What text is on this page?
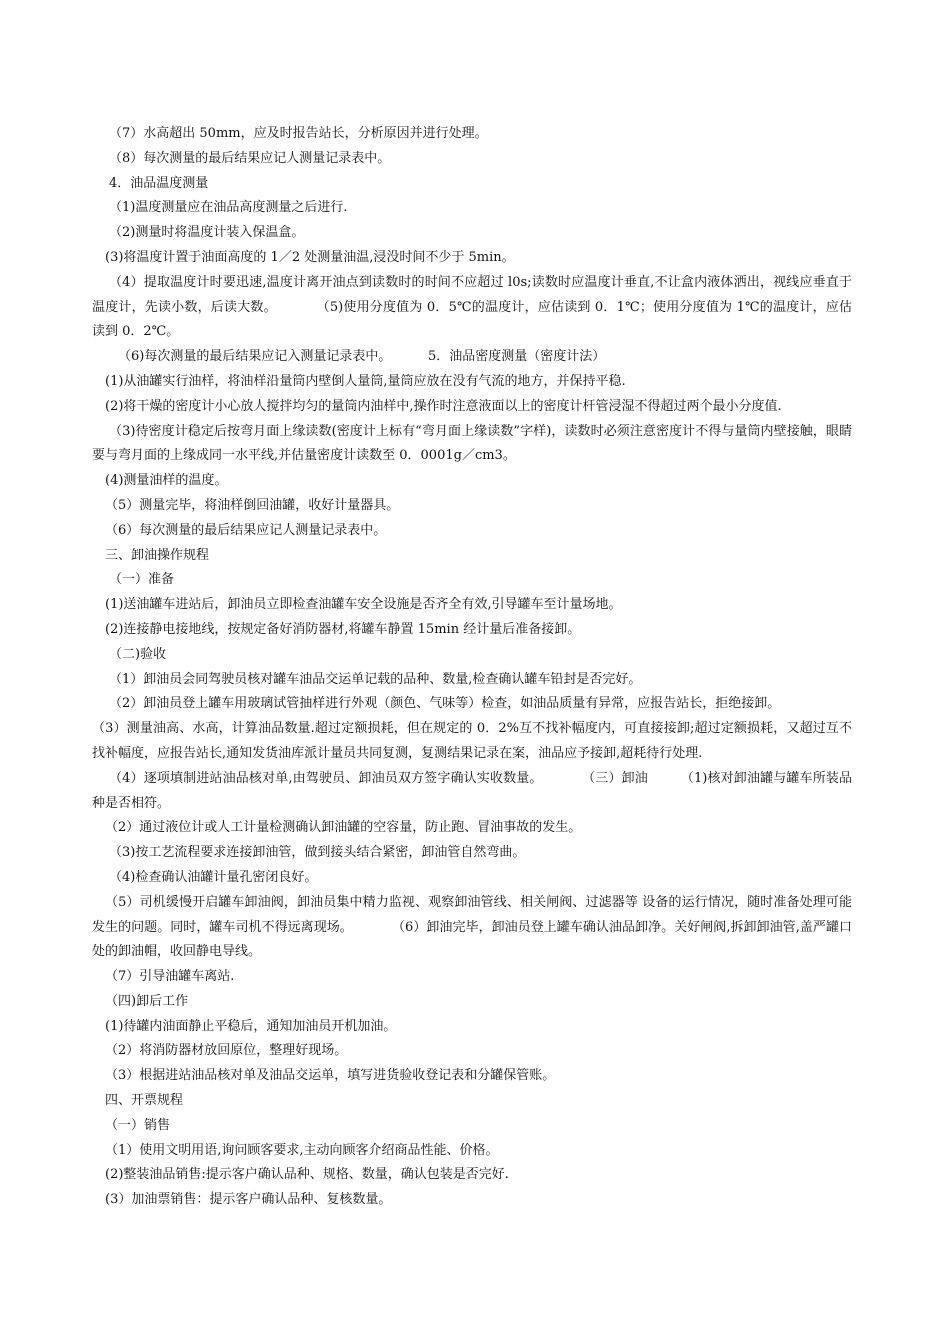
（7）水高超出 50mm，应及时报告站长，分析原因并进行处理。

（8）每次测量的最后结果应记人测量记录表中。

4．油品温度测量

（1)温度测量应在油品高度测量之后进行.

（2)测量时将温度计装入保温盒。

(3)将温度计置于油面高度的 1／2 处测量油温,浸没时间不少于 5min。

（4）提取温度计时要迅速,温度计离开油点到读数时的时间不应超过 l0s;读数时应温度计垂直,不让盒内液体洒出，视线应垂直于温度计，先读小数，后读大数。　　　　（5)使用分度值为 0．5℃的温度计，应估读到 0．1℃；使用分度值为 1℃的温度计，应估读到 0．2℃。

（6)每次测量的最后结果应记入测量记录表中。　　　 5．油品密度测量（密度计法）

(1)从油罐实行油样，将油样沿量筒内壁倒人量筒,量筒应放在没有气流的地方，并保持平稳.

(2)将干燥的密度计小心放人搅拌均匀的量筒内油样中,操作时注意液面以上的密度计杆管浸湿不得超过两个最小分度值.

（3)待密度计稳定后按弯月面上缘读数(密度计上标有“弯月面上缘读数”字样)，读数时必须注意密度计不得与量筒内壁接触，眼睛要与弯月面的上缘成同一水平线,并估量密度计读数至 0．0001g／cm3。

(4)测量油样的温度。

（5）测量完毕，将油样倒回油罐，收好计量器具。

（6）每次测量的最后结果应记人测量记录表中。

三、卸油操作规程

（一）准备

(1)送油罐车进站后，卸油员立即检查油罐车安全设施是否齐全有效,引导罐车至计量场地。

(2)连接静电接地线，按规定备好消防器材,将罐车静置 15min 经计量后准备接卸。

（二)验收

（1）卸油员会同驾驶员核对罐车油品交运单记载的品种、数量,检查确认罐车铅封是否完好。

（2）卸油员登上罐车用玻璃试管抽样进行外观（颜色、气味等）检查，如油品质量有异常，应报告站长，拒绝接卸。

（3）测量油高、水高，计算油品数量.超过定额损耗，但在规定的 0．2%互不找补幅度内，可直接接卸;超过定额损耗，又超过互不找补幅度，应报告站长,通知发货油库派计量员共同复测，复测结果记录在案，油品应予接卸,超耗待行处理.

（4）逐项填制进站油品核对单,由驾驶员、卸油员双方签字确认实收数量。　　　　（三）卸油　　　（1)核对卸油罐与罐车所装品种是否相符。

（2）通过液位计或人工计量检测确认卸油罐的空容量，防止跑、冒油事故的发生。

（3)按工艺流程要求连接卸油管，做到接头结合紧密，卸油管自然弯曲。

（4)检查确认油罐计量孔密闭良好。

（5）司机缓慢开启罐车卸油阀，卸油员集中精力监视、观察卸油管线、相关闸阀、过滤器等 设备的运行情况，随时准备处理可能发生的问题。同时，罐车司机不得远离现场。　　　　（6）卸油完毕，卸油员登上罐车确认油品卸净。关好闸阀,拆卸卸油管,盖严罐口处的卸油帽，收回静电导线。

（7）引导油罐车离站.

（四)卸后工作

(1)待罐内油面静止平稳后，通知加油员开机加油。

（2）将消防器材放回原位，整理好现场。

（3）根据进站油品核对单及油品交运单，填写进货验收登记表和分罐保管账。

四、开票规程

（一）销售

（1）使用文明用语,询问顾客要求,主动向顾客介绍商品性能、价格。

(2)整装油品销售:提示客户确认品种、规格、数量，确认包装是否完好.

(3）加油票销售：提示客户确认品种、复核数量。
